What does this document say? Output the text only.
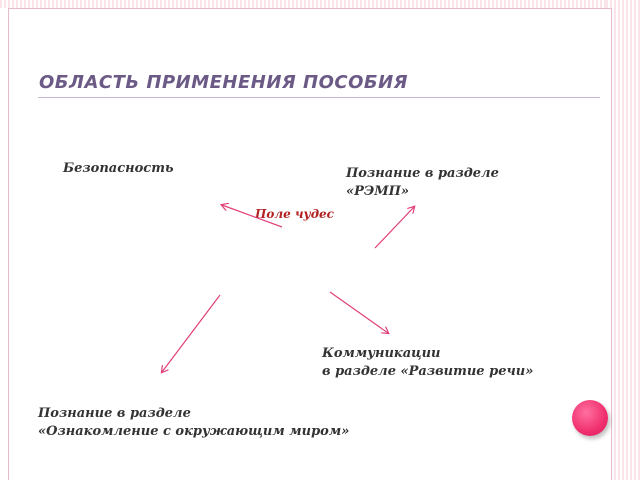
ОБЛАСТЬ ПРИМЕНЕНИЯ ПОСОБИЯ
Безопасность	Познание в разделе
«РЭМП»
Поле чудес
Коммуникации
в разделе «Развитие речи»
Познание в разделе
«Ознакомление с окружающим миром»
